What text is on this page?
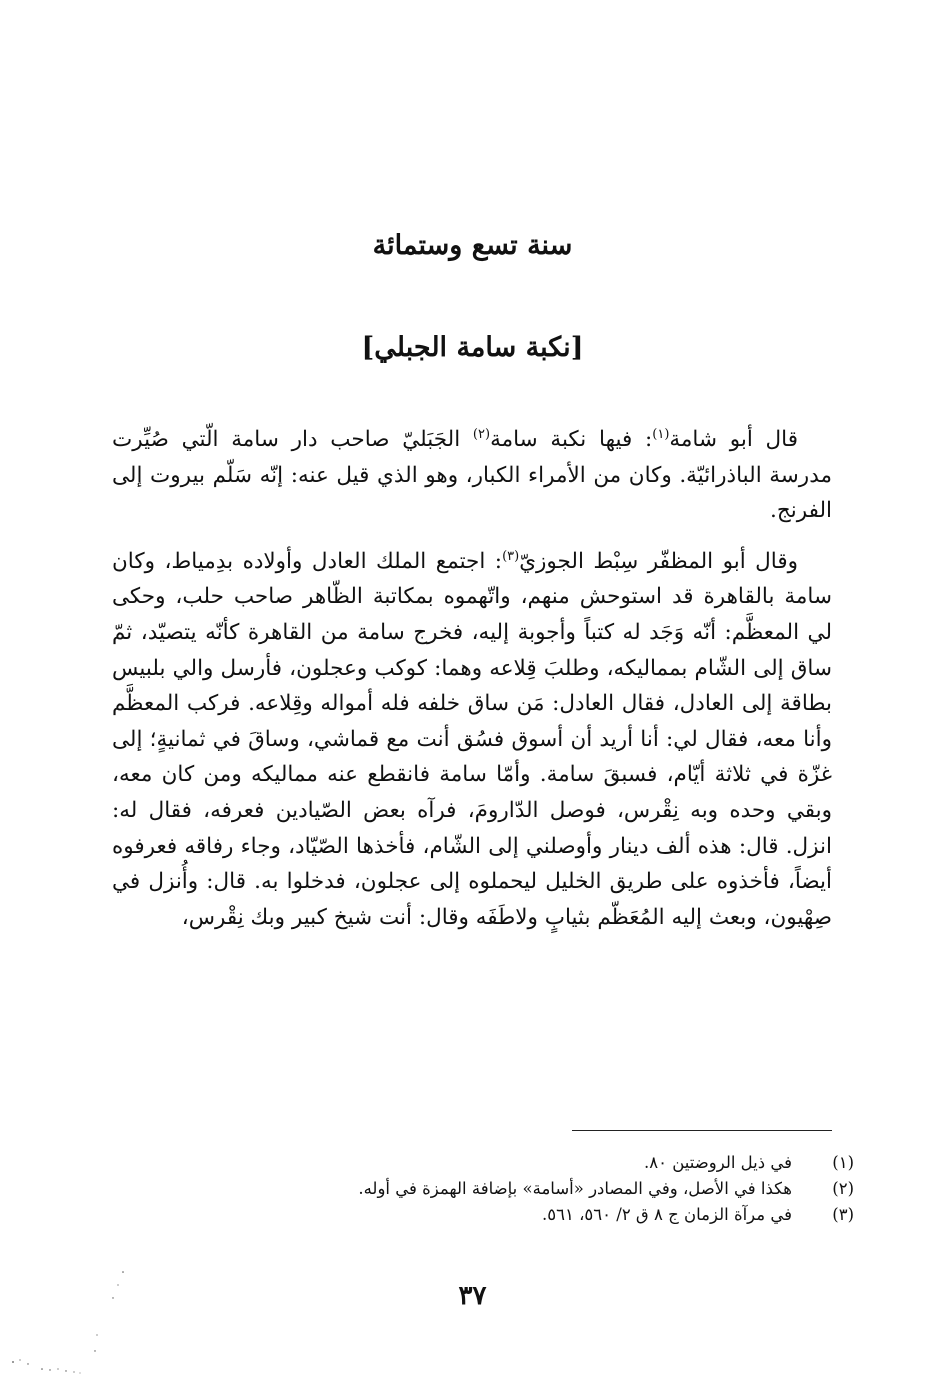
سنة تسع وستمائة
[نكبة سامة الجبلي]

قال أبو شامة$^{(١)}$: فيها نكبة سامة$^{(٢)}$ الجَبَليّ صاحب دار سامة الّتي صُيِّرت مدرسة الباذرائيّة. وكان من الأمراء الكبار، وهو الذي قيل عنه: إنّه سَلّم بيروت إلى الفرنج.

وقال أبو المظفّر سِبْط الجوزيّ$^{(٣)}$: اجتمع الملك العادل وأولاده بدِمياط، وكان سامة بالقاهرة قد استوحش منهم، واتّهموه بمكاتبة الظّاهر صاحب حلب، وحكى لي المعظَّم: أنّه وَجَد له كتباً وأجوبة إليه، فخرج سامة من القاهرة كأنّه يتصيّد، ثمّ ساق إلى الشّام بمماليكه، وطلبَ قِلاعه وهما: كوكب وعجلون، فأرسل والي بلبيس بطاقة إلى العادل، فقال العادل: مَن ساق خلفه فله أمواله وقِلاعه. فركب المعظَّم وأنا معه، فقال لي: أنا أريد أن أسوق فسُق أنت مع قماشي، وساقَ في ثمانيةٍ؛ إلى غزّة في ثلاثة أيّام، فسبقَ سامة. وأمّا سامة فانقطع عنه مماليكه ومن كان معه، وبقي وحده وبه نِقْرس، فوصل الدّارومَ، فرآه بعض الصّيادين فعرفه، فقال له: انزل. قال: هذه ألف دينار وأوصلني إلى الشّام، فأخذها الصّيّاد، وجاء رفاقه فعرفوه أيضاً، فأخذوه على طريق الخليل ليحملوه إلى عجلون، فدخلوا به. قال: وأُنزل في صِهْيون، وبعث إليه المُعَظّم بثيابٍ ولاطَفَه وقال: أنت شيخ كبير وبك نِقْرس،

(١)
في ذيل الروضتين ٨٠.
(٢)
هكذا في الأصل، وفي المصادر «أسامة» بإضافة الهمزة في أوله.
(٣)
في مرآة الزمان ج ٨ ق ٢/ ٥٦٠، ٥٦١.
٣٧
